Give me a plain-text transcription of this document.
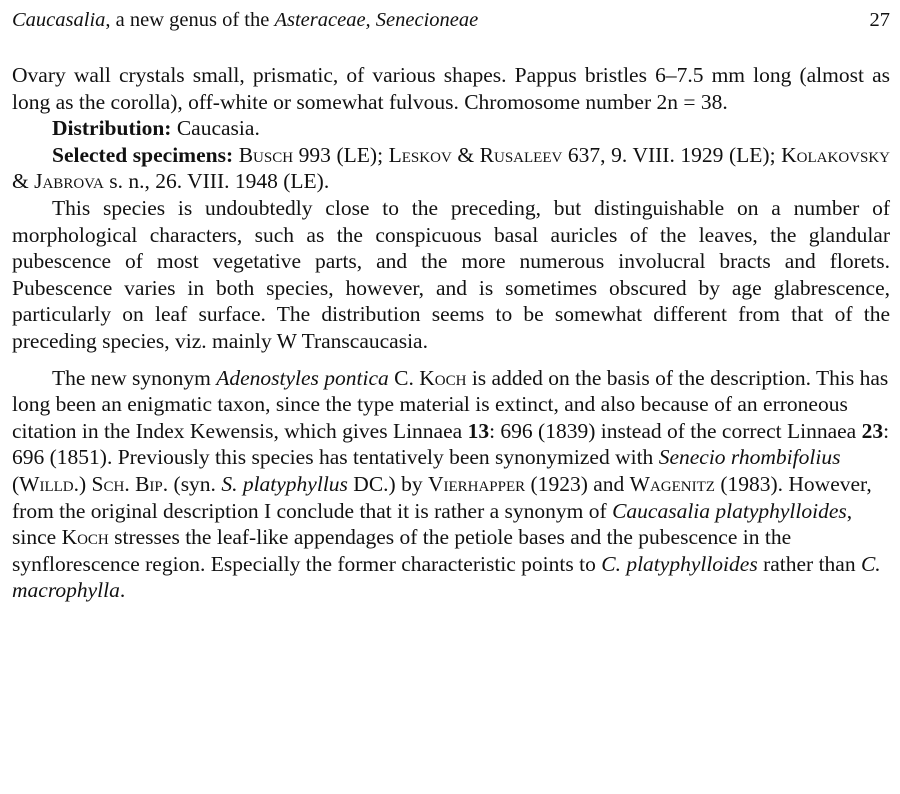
Caucasalia, a new genus of the Asteraceae, Senecioneae	27

Ovary wall crystals small, prismatic, of various shapes. Pappus bristles 6–7.5 mm long (almost as long as the corolla), off-white or somewhat fulvous. Chromosome number 2n = 38.

Distribution: Caucasia.

Selected specimens: Busch 993 (LE); Leskov & Rusaleev 637, 9. VIII. 1929 (LE); Kolakovsky & Jabrova s. n., 26. VIII. 1948 (LE).

This species is undoubtedly close to the preceding, but distinguishable on a number of morphological characters, such as the conspicuous basal auricles of the leaves, the glandular pubescence of most vegetative parts, and the more numerous involucral bracts and florets. Pubescence varies in both species, however, and is sometimes obscured by age glabrescence, particularly on leaf surface. The distribution seems to be somewhat different from that of the preceding species, viz. mainly W Transcaucasia.

The new synonym Adenostyles pontica C. Koch is added on the basis of the description. This has long been an enigmatic taxon, since the type material is extinct, and also because of an erroneous citation in the Index Kewensis, which gives Linnaea 13: 696 (1839) instead of the correct Linnaea 23: 696 (1851). Previously this species has tentatively been synonymized with Senecio rhombifolius (Willd.) Sch. Bip. (syn. S. platyphyllus DC.) by Vierhapper (1923) and Wagenitz (1983). However, from the original description I conclude that it is rather a synonym of Caucasalia platyphylloides, since Koch stresses the leaf-like appendages of the petiole bases and the pubescence in the synflorescence region. Especially the former characteristic points to C. platyphylloides rather than C. macrophylla.
